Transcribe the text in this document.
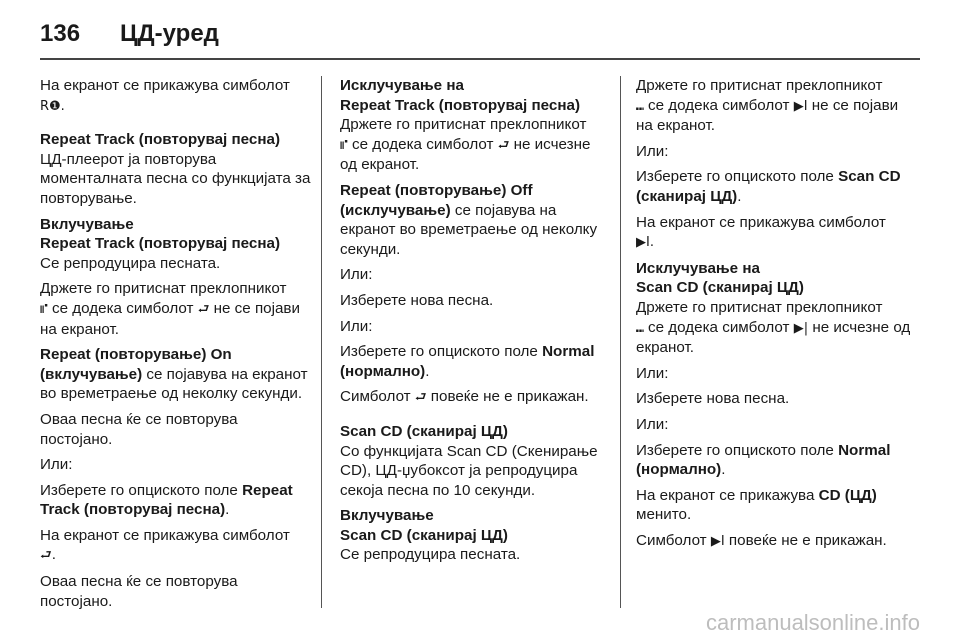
136 ЦД-уред

На екранот се прикажува симболот
R❶.

Repeat Track (повторувај песна)

ЦД-плеерот ја повторува моменталната песна со функцијата за повторување.

Вклучување
Repeat Track (повторувај песна)

Се репродуцира песната.

Држете го притиснат преклопникот
⑈ се додека симболот ⮐ не се појави на екранот.

Repeat (повторување) On (вклучување) се појавува на екранот во времетраење од неколку секунди.

Оваа песна ќе се повторува постојано.

Или:

Изберете го опциското поле Repeat Track (повторувај песна).

На екранот се прикажува симболот
⮐.

Оваа песна ќе се повторува постојано.

Исклучување на
Repeat Track (повторувај песна)

Држете го притиснат преклопникот
⑈ се додека симболот ⮐ не исчезне од екранот.

Repeat (повторување) Off (исклучување) се појавува на екранот во времетраење од неколку секунди.

Или:

Изберете нова песна.

Или:

Изберете го опциското поле Normal (нормално).

Симболот ⮐ повеќе не е прикажан.

Scan CD (сканирај ЦД)

Со функцијата Scan CD (Скенирање CD), ЦД-џубоксот ја репродуцира секоја песна по 10 секунди.

Вклучување
Scan CD (сканирај ЦД)

Се репродуцира песната.

Држете го притиснат преклопникот
⑉ се додека симболот ▶I не се појави на екранот.

Или:

Изберете го опциското поле Scan CD (сканирај ЦД).

На екранот се прикажува симболот
▶I.

Исклучување на
Scan CD (сканирај ЦД)

Држете го притиснат преклопникот
⑉ се додека симболот ▶| не исчезне од екранот.

Или:

Изберете нова песна.

Или:

Изберете го опциското поле Normal (нормално).

На екранот се прикажува CD (ЦД) менито.

Симболот ▶I повеќе не е прикажан.

carmanualsonline.info
